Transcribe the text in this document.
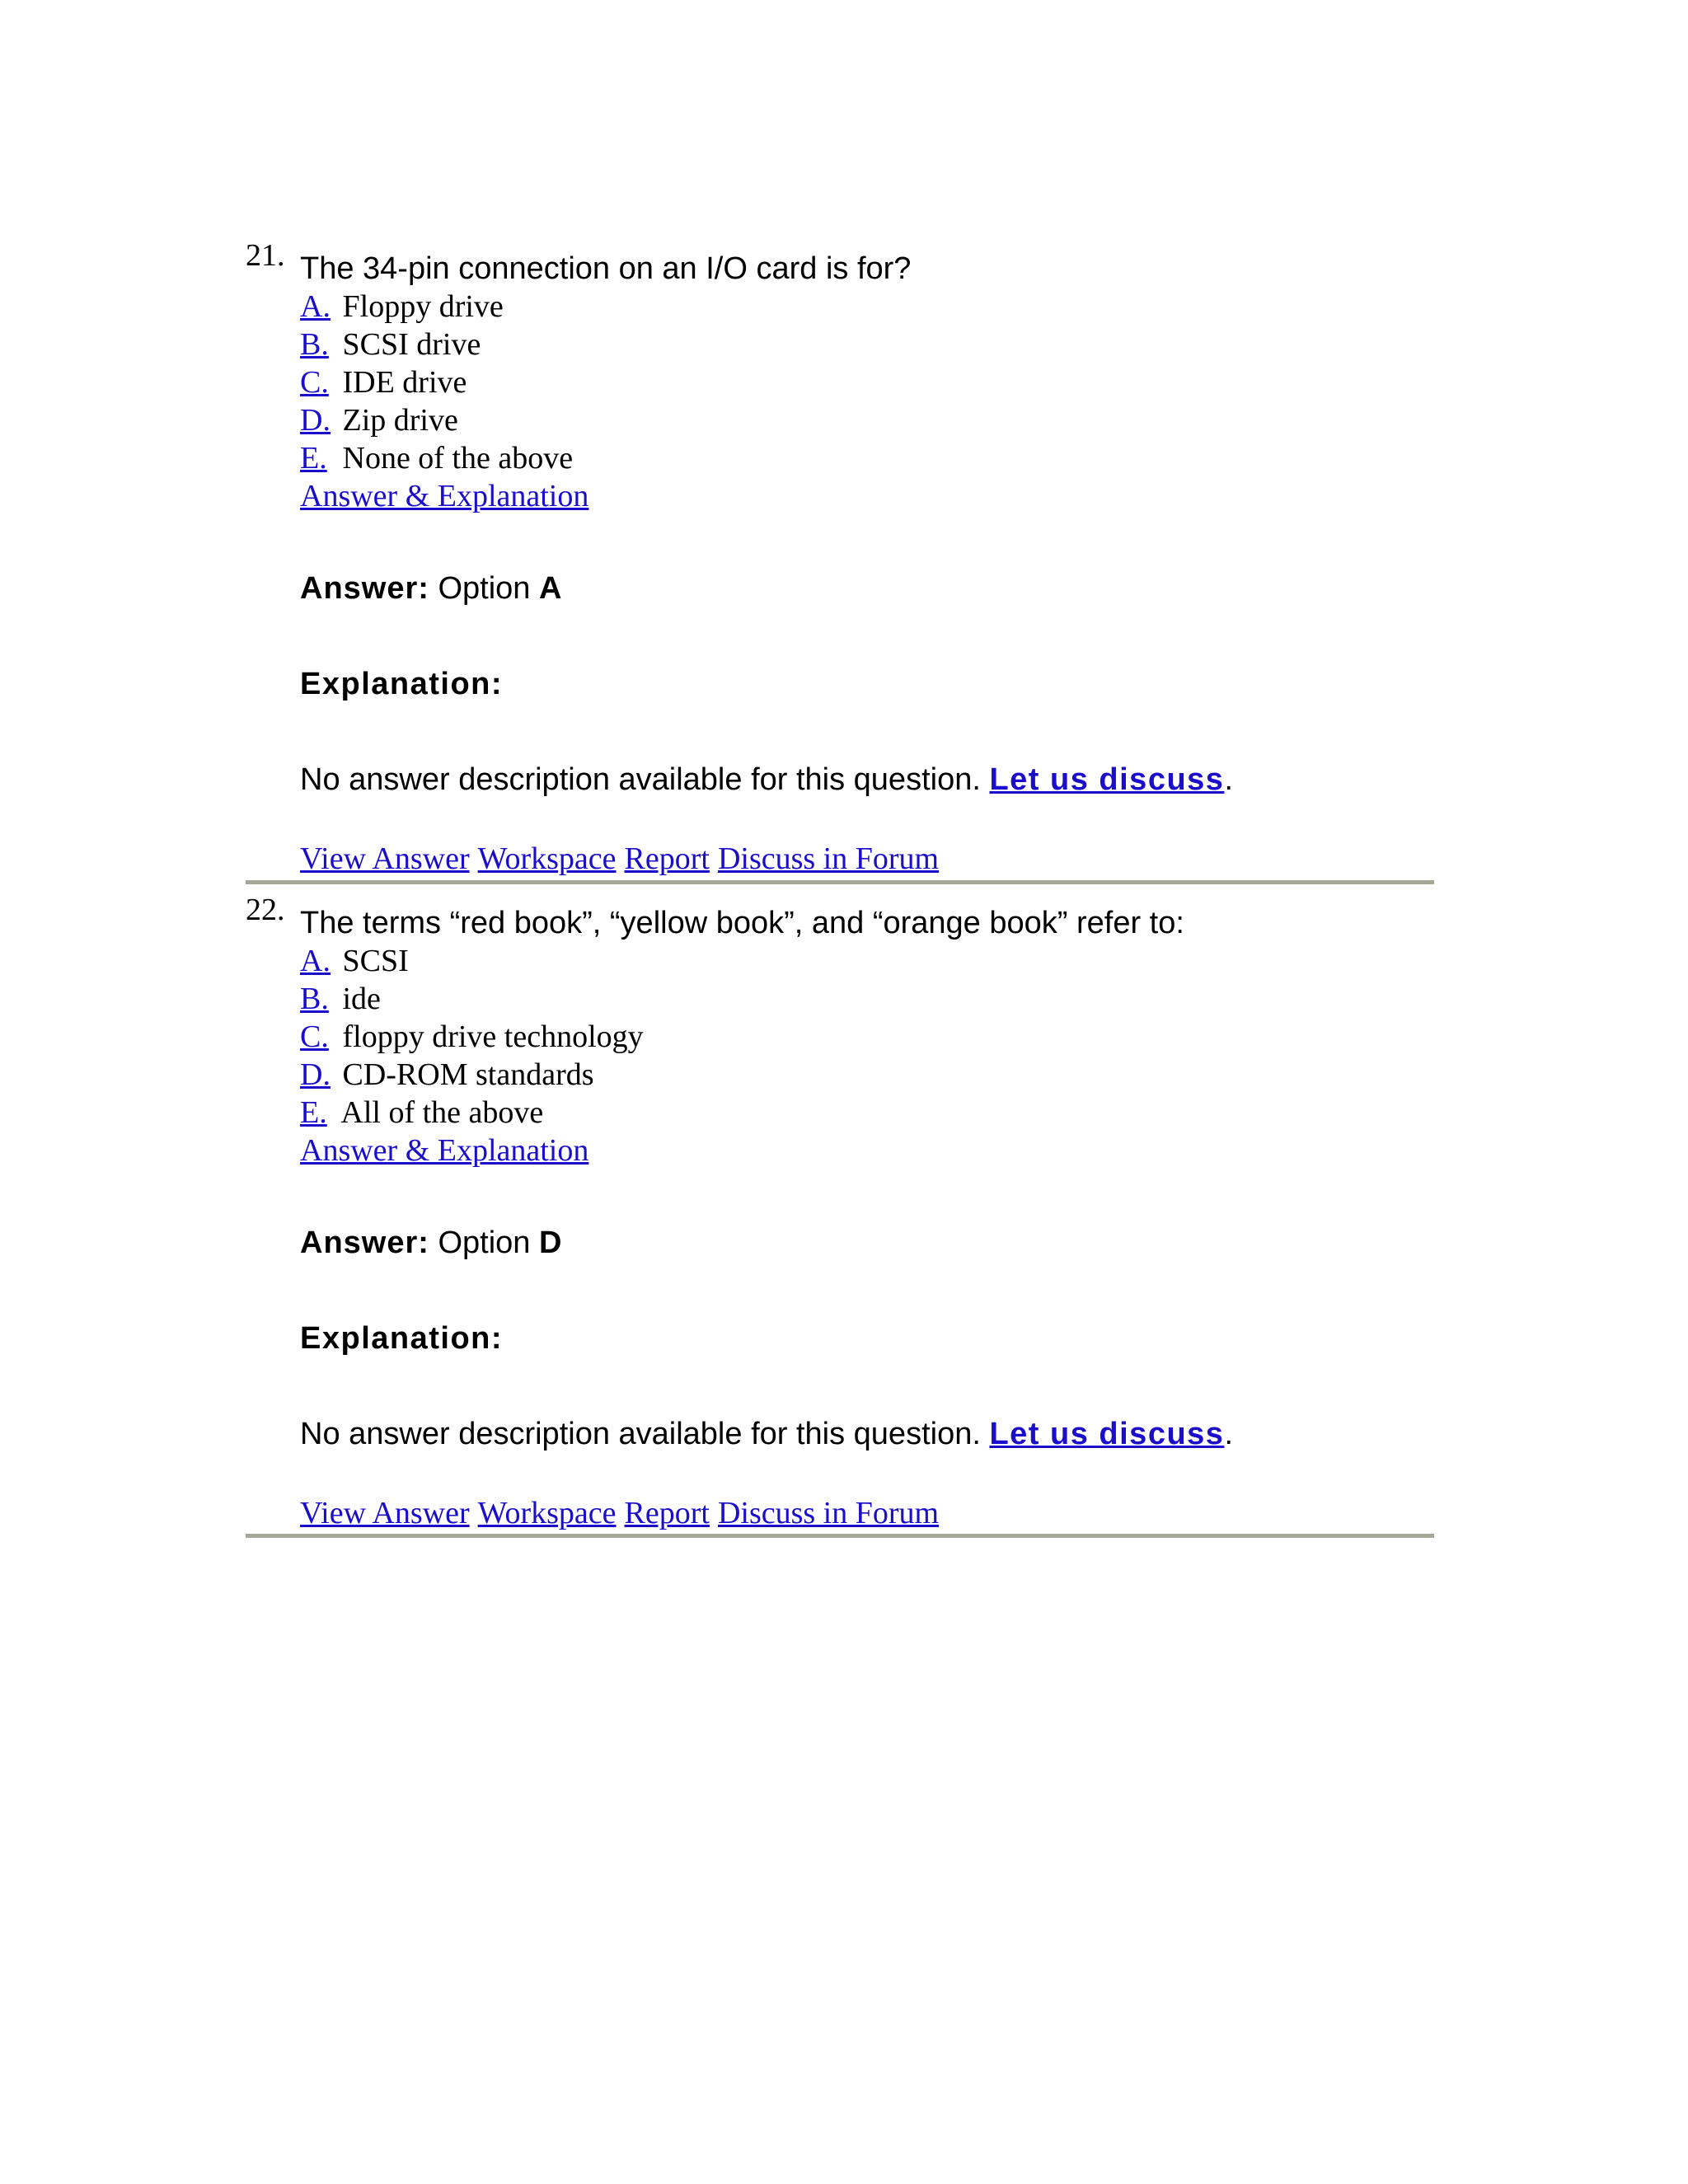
21. The 34-pin connection on an I/O card is for?

A. Floppy drive
B. SCSI drive
C. IDE drive
D. Zip drive
E. None of the above
Answer & Explanation
Answer: Option A
Explanation:
No answer description available for this question. Let us discuss.
View Answer Workspace Report Discuss in Forum
22. The terms “red book”, “yellow book”, and “orange book” refer to:

A. SCSI
B. ide
C. floppy drive technology
D. CD-ROM standards
E. All of the above
Answer & Explanation
Answer: Option D
Explanation:
No answer description available for this question. Let us discuss.
View Answer Workspace Report Discuss in Forum
